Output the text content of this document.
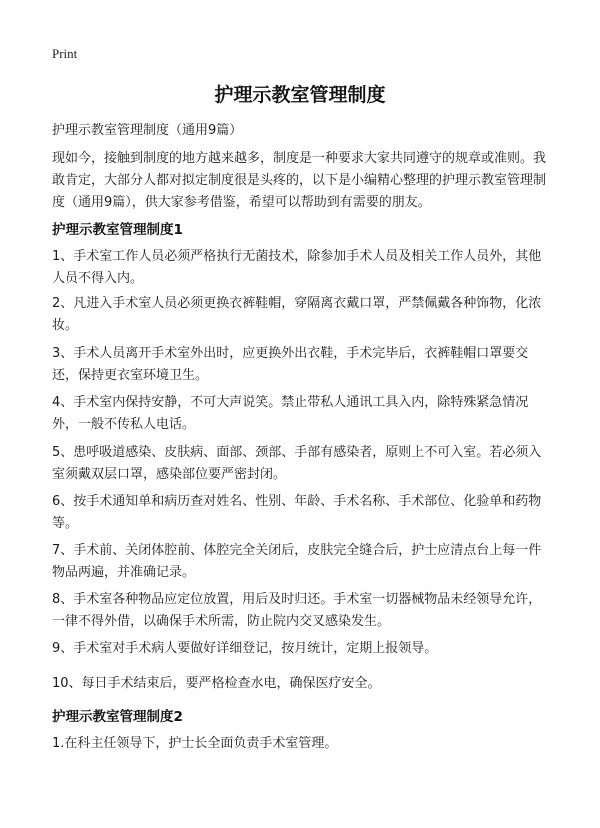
Print
护理示教室管理制度
护理示教室管理制度（通用9篇）
现如今，接触到制度的地方越来越多，制度是一种要求大家共同遵守的规章或准则。我敢肯定，大部分人都对拟定制度很是头疼的，以下是小编精心整理的护理示教室管理制度（通用9篇），供大家参考借鉴，希望可以帮助到有需要的朋友。
护理示教室管理制度1
1、手术室工作人员必须严格执行无菌技术，除参加手术人员及相关工作人员外，其他人员不得入内。
2、凡进入手术室人员必须更换衣裤鞋帽，穿隔离衣戴口罩，严禁佩戴各种饰物，化浓妆。
3、手术人员离开手术室外出时，应更换外出衣鞋，手术完毕后，衣裤鞋帽口罩要交还，保持更衣室环境卫生。
4、手术室内保持安静，不可大声说笑。禁止带私人通讯工具入内，除特殊紧急情况外，一般不传私人电话。
5、患呼吸道感染、皮肤病、面部、颈部、手部有感染者，原则上不可入室。若必须入室须戴双层口罩，感染部位要严密封闭。
6、按手术通知单和病历查对姓名、性别、年龄、手术名称、手术部位、化验单和药物等。
7、手术前、关闭体腔前、体腔完全关闭后，皮肤完全缝合后，护士应清点台上每一件物品两遍，并准确记录。
8、手术室各种物品应定位放置，用后及时归还。手术室一切器械物品未经领导允许，一律不得外借，以确保手术所需，防止院内交叉感染发生。
9、手术室对手术病人要做好详细登记，按月统计，定期上报领导。
10、每日手术结束后，要严格检查水电，确保医疗安全。
护理示教室管理制度2
1.在科主任领导下，护士长全面负责手术室管理。
